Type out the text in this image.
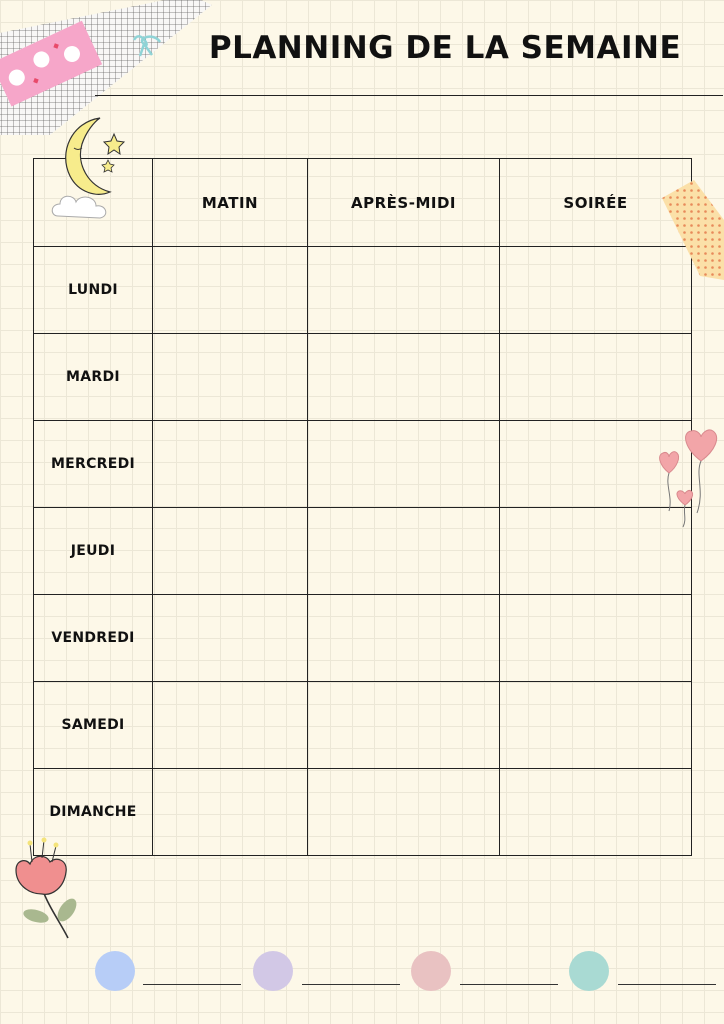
PLANNING DE LA SEMAINE
	MATIN	APRÈS-MIDI	SOIRÉE
LUNDI			
MARDI			
MERCREDI			
JEUDI			
VENDREDI			
SAMEDI			
DIMANCHE			
